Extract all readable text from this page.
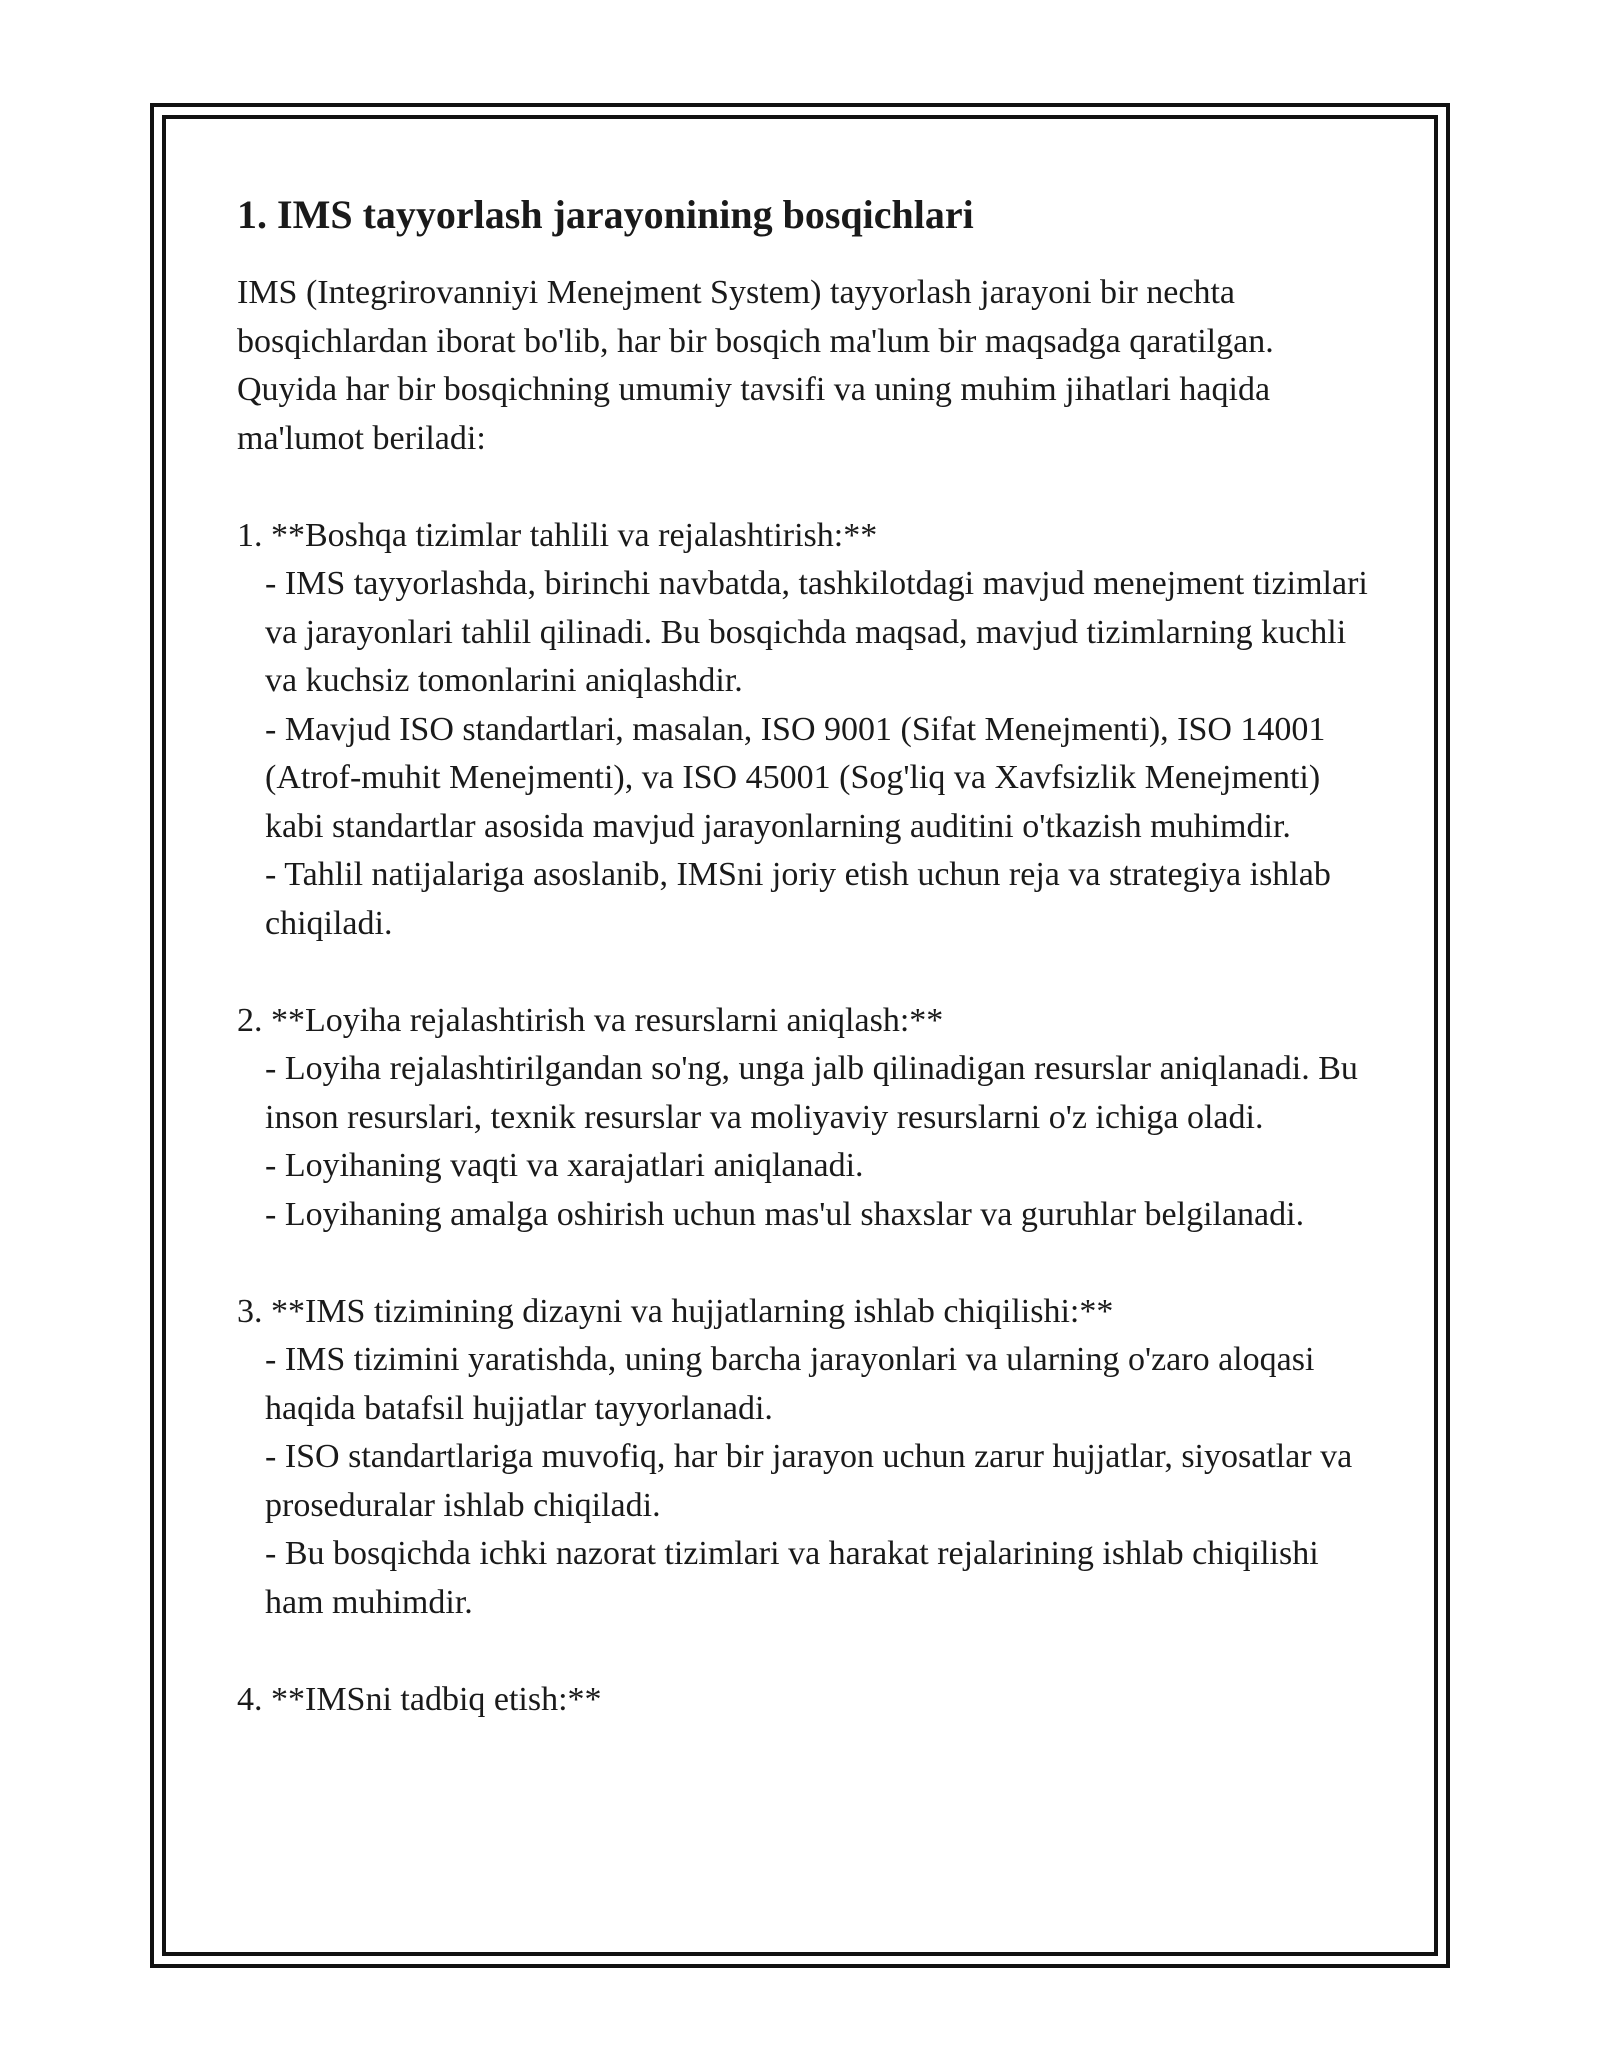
1. IMS tayyorlash jarayonining bosqichlari

IMS (Integrirovanniyi Menejment System) tayyorlash jarayoni bir nechta bosqichlardan iborat bo'lib, har bir bosqich ma'lum bir maqsadga qaratilgan. Quyida har bir bosqichning umumiy tavsifi va uning muhim jihatlari haqida ma'lumot beriladi:

1. **Boshqa tizimlar tahlili va rejalashtirish:**

- IMS tayyorlashda, birinchi navbatda, tashkilotdagi mavjud menejment tizimlari va jarayonlari tahlil qilinadi. Bu bosqichda maqsad, mavjud tizimlarning kuchli va kuchsiz tomonlarini aniqlashdir.

- Mavjud ISO standartlari, masalan, ISO 9001 (Sifat Menejmenti), ISO 14001 (Atrof-muhit Menejmenti), va ISO 45001 (Sog'liq va Xavfsizlik Menejmenti) kabi standartlar asosida mavjud jarayonlarning auditini o'tkazish muhimdir.

- Tahlil natijalariga asoslanib, IMSni joriy etish uchun reja va strategiya ishlab chiqiladi.

2. **Loyiha rejalashtirish va resurslarni aniqlash:**

- Loyiha rejalashtirilgandan so'ng, unga jalb qilinadigan resurslar aniqlanadi. Bu inson resurslari, texnik resurslar va moliyaviy resurslarni o'z ichiga oladi.

- Loyihaning vaqti va xarajatlari aniqlanadi.

- Loyihaning amalga oshirish uchun mas'ul shaxslar va guruhlar belgilanadi.

3. **IMS tizimining dizayni va hujjatlarning ishlab chiqilishi:**

- IMS tizimini yaratishda, uning barcha jarayonlari va ularning o'zaro aloqasi haqida batafsil hujjatlar tayyorlanadi.

- ISO standartlariga muvofiq, har bir jarayon uchun zarur hujjatlar, siyosatlar va proseduralar ishlab chiqiladi.

- Bu bosqichda ichki nazorat tizimlari va harakat rejalarining ishlab chiqilishi ham muhimdir.

4. **IMSni tadbiq etish:**
